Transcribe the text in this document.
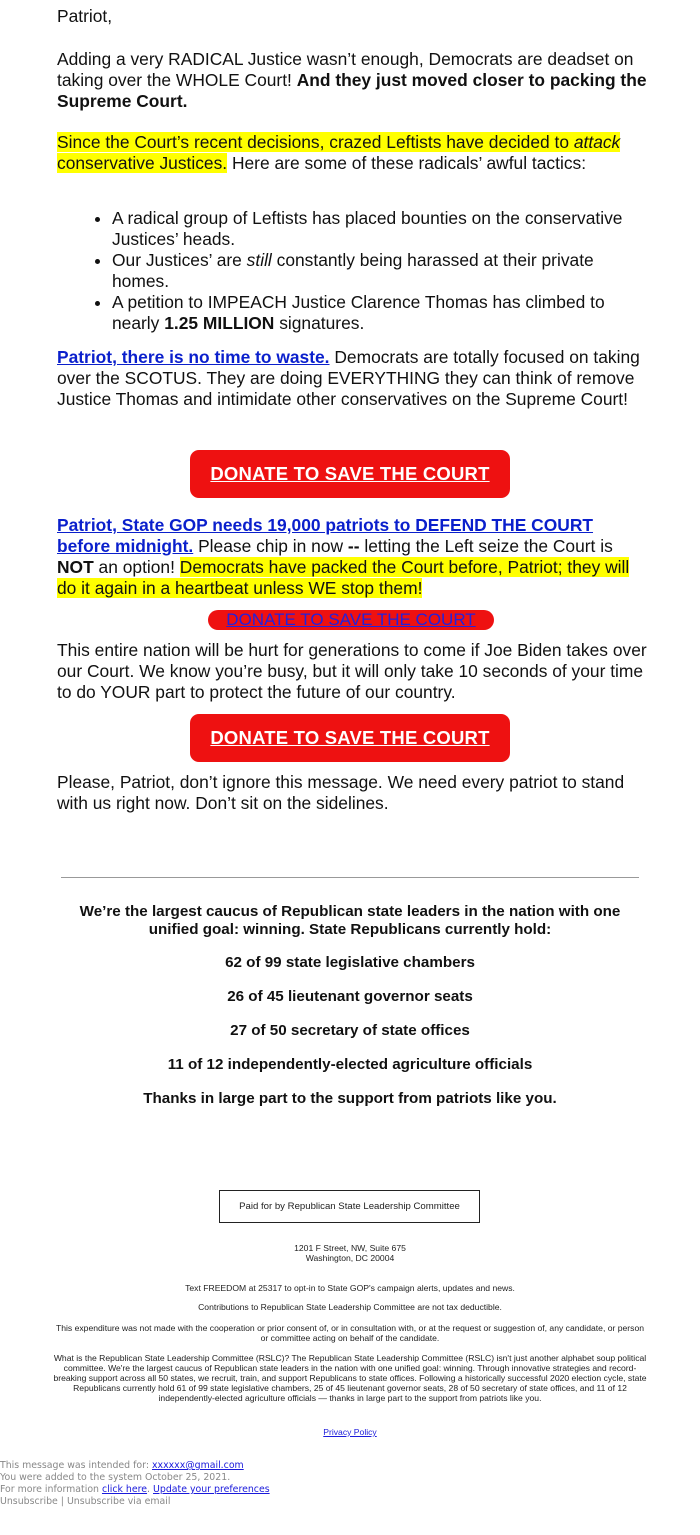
Patriot,

Adding a very RADICAL Justice wasn’t enough, Democrats are deadset on taking over the WHOLE Court! And they just moved closer to packing the Supreme Court.

Since the Court’s recent decisions, crazed Leftists have decided to attack conservative Justices. Here are some of these radicals’ awful tactics:

• A radical group of Leftists has placed bounties on the conservative Justices’ heads.
• Our Justices’ are still constantly being harassed at their private homes.
• A petition to IMPEACH Justice Clarence Thomas has climbed to nearly 1.25 MILLION signatures.

Patriot, there is no time to waste. Democrats are totally focused on taking over the SCOTUS. They are doing EVERYTHING they can think of remove Justice Thomas and intimidate other conservatives on the Supreme Court!

DONATE TO SAVE THE COURT

Patriot, State GOP needs 19,000 patriots to DEFEND THE COURT before midnight. Please chip in now -- letting the Left seize the Court is NOT an option! Democrats have packed the Court before, Patriot; they will do it again in a heartbeat unless WE stop them!

DONATE TO SAVE THE COURT

This entire nation will be hurt for generations to come if Joe Biden takes over our Court. We know you’re busy, but it will only take 10 seconds of your time to do YOUR part to protect the future of our country.

DONATE TO SAVE THE COURT

Please, Patriot, don’t ignore this message. We need every patriot to stand with us right now. Don’t sit on the sidelines.

We’re the largest caucus of Republican state leaders in the nation with one unified goal: winning. State Republicans currently hold:
62 of 99 state legislative chambers
26 of 45 lieutenant governor seats
27 of 50 secretary of state offices
11 of 12 independently-elected agriculture officials
Thanks in large part to the support from patriots like you.
Paid for by Republican State Leadership Committee
1201 F Street, NW, Suite 675
Washington, DC 20004
Text FREEDOM at 25317 to opt-in to State GOP's campaign alerts, updates and news.
Contributions to Republican State Leadership Committee are not tax deductible.
This expenditure was not made with the cooperation or prior consent of, or in consultation with, or at the request or suggestion of, any candidate, or person or committee acting on behalf of the candidate.
What is the Republican State Leadership Committee (RSLC)? The Republican State Leadership Committee (RSLC) isn't just another alphabet soup political committee. We're the largest caucus of Republican state leaders in the nation with one unified goal: winning. Through innovative strategies and record-breaking support across all 50 states, we recruit, train, and support Republicans to state offices. Following a historically successful 2020 election cycle, state Republicans currently hold 61 of 99 state legislative chambers, 25 of 45 lieutenant governor seats, 28 of 50 secretary of state offices, and 11 of 12 independently-elected agriculture officials — thanks in large part to the support from patriots like you.
Privacy Policy
This message was intended for: xxxxxx@gmail.com
You were added to the system October 25, 2021.
For more information click here. Update your preferences
Unsubscribe | Unsubscribe via email
